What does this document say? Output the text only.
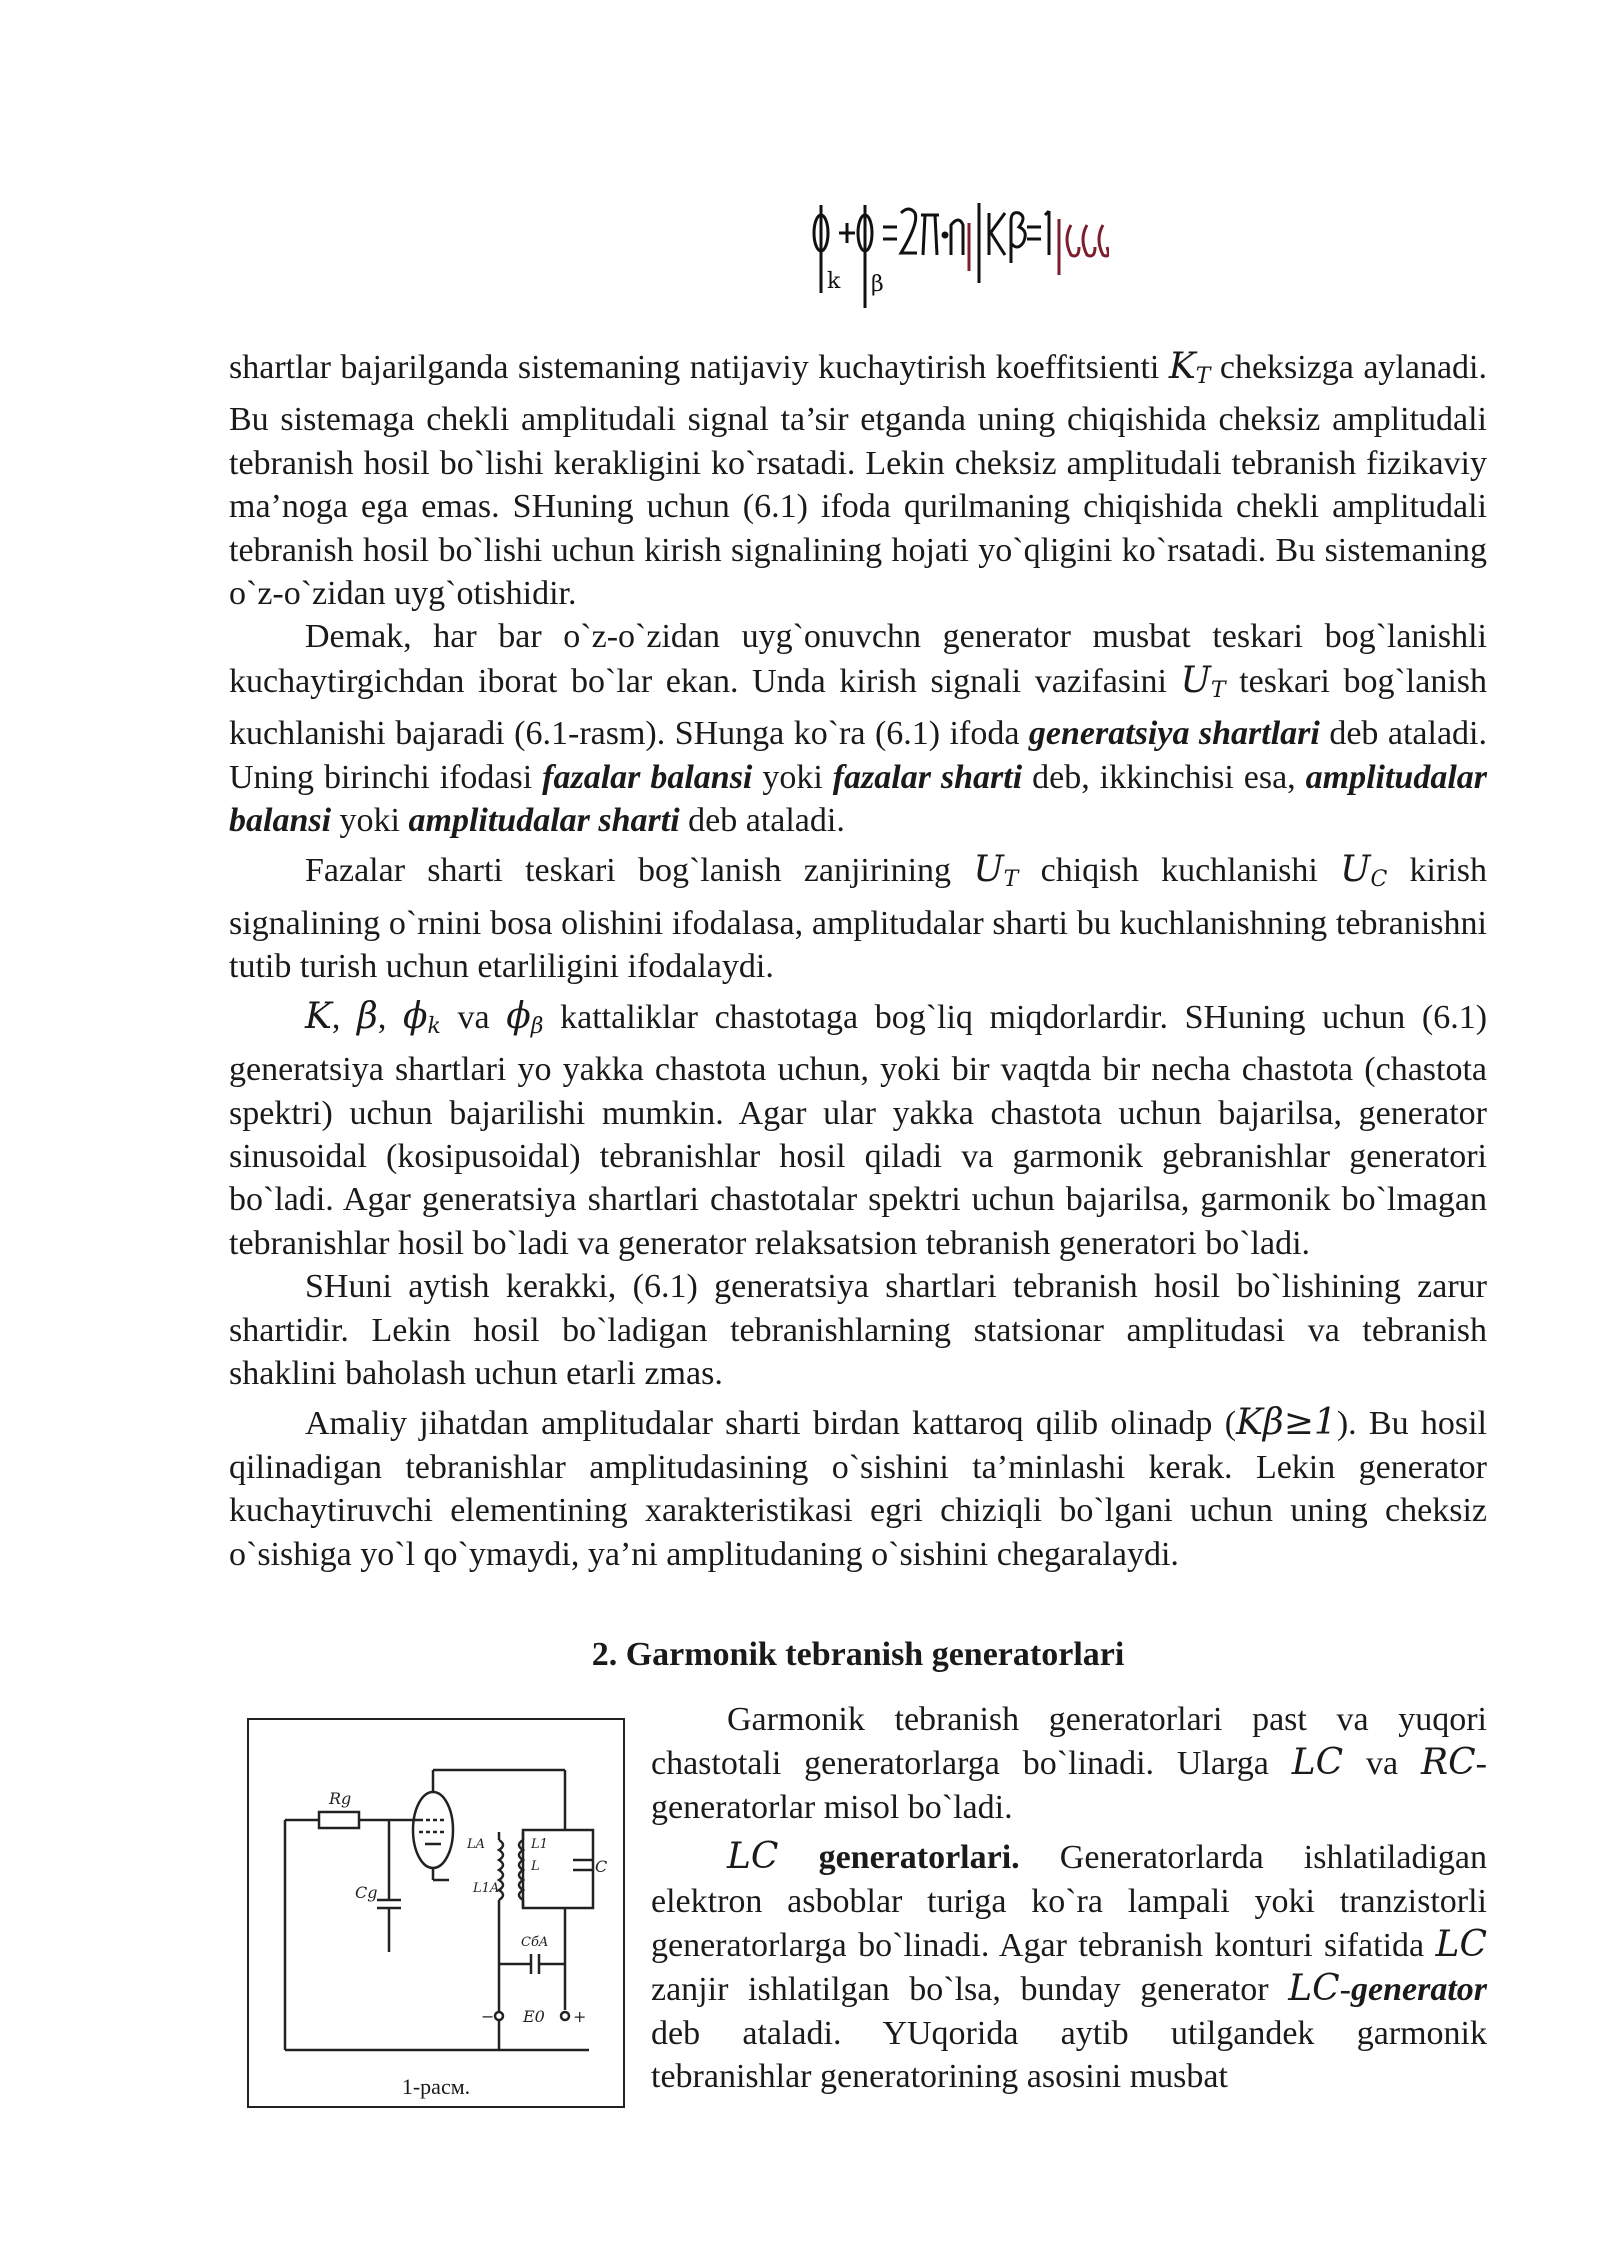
k β

shartlar bajarilganda sistemaning natijaviy kuchaytirish koeffitsienti $K_T$ cheksizga aylanadi. Bu sistemaga chekli amplitudali signal ta’sir etganda uning chiqishida cheksiz amplitudali tebranish hosil bo`lishi kerakligini ko`rsatadi. Lekin cheksiz amplitudali tebranish fizikaviy ma’noga ega emas. SHuning uchun (6.1) ifoda qurilmaning chiqishida chekli amplitudali tebranish hosil bo`lishi uchun kirish signalining hojati yo`qligini ko`rsatadi. Bu sistemaning o`z-o`zidan uyg`otishidir.

Demak, har bar o`z-o`zidan uyg`onuvchn generator musbat teskari bog`lanishli kuchaytirgichdan iborat bo`lar ekan. Unda kirish signali vazifasini $U_T$ teskari bog`lanish kuchlanishi bajaradi (6.1-rasm). SHunga ko`ra (6.1) ifoda generatsiya shartlari deb ataladi. Uning birinchi ifodasi fazalar balansi yoki fazalar sharti deb, ikkinchisi esa, amplitudalar balansi yoki amplitudalar sharti deb ataladi.

Fazalar sharti teskari bog`lanish zanjirining $U_T$ chiqish kuchlanishi $U_C$ kirish signalining o`rnini bosa olishini ifodalasa, amplitudalar sharti bu kuchlanishning tebranishni tutib turish uchun etarliligini ifodalaydi.

K, β, $\phi_k$ va $\phi_\beta$ kattaliklar chastotaga bog`liq miqdorlardir. SHuning uchun (6.1) generatsiya shartlari yo yakka chastota uchun, yoki bir vaqtda bir necha chastota (chastota spektri) uchun bajarilishi mumkin. Agar ular yakka chastota uchun bajarilsa, generator sinusoidal (kosipusoidal) tebranishlar hosil qiladi va garmonik gebranishlar generatori bo`ladi. Agar generatsiya shartlari chastotalar spektri uchun bajarilsa, garmonik bo`lmagan tebranishlar hosil bo`ladi va generator relaksatsion tebranish generatori bo`ladi.

SHuni aytish kerakki, (6.1) generatsiya shartlari tebranish hosil bo`lishining zarur shartidir. Lekin hosil bo`ladigan tebranishlarning statsionar amplitudasi va tebranish shaklini baholash uchun etarli zmas.

Amaliy jihatdan amplitudalar sharti birdan kattaroq qilib olinadp (Kβ≥1). Bu hosil qilinadigan tebranishlar amplitudasining o`sishini ta’minlashi kerak. Lekin generator kuchaytiruvchi elementining xarakteristikasi egri chiziqli bo`lgani uchun uning cheksiz o`sishiga yo`l qo`ymaydi, ya’ni amplitudaning o`sishini chegaralaydi.

2. Garmonik tebranish generatorlari
Rg
Cg
LA
L1A
L1
L	C
CбA
E0
−	+
1-рacм.

Garmonik tebranish generatorlari past va yuqori chastotali generatorlarga bo`linadi. Ularga LC va RC-generatorlar misol bo`ladi.

LC generatorlari. Generatorlarda ishlatiladigan elektron asboblar turiga ko`ra lampali yoki tranzistorli generatorlarga bo`linadi. Agar tebranish konturi sifatida LC zanjir ishlatilgan bo`lsa, bunday generator LC-generator deb ataladi. YUqorida aytib utilgandek garmonik tebranishlar generatorining asosini musbat
